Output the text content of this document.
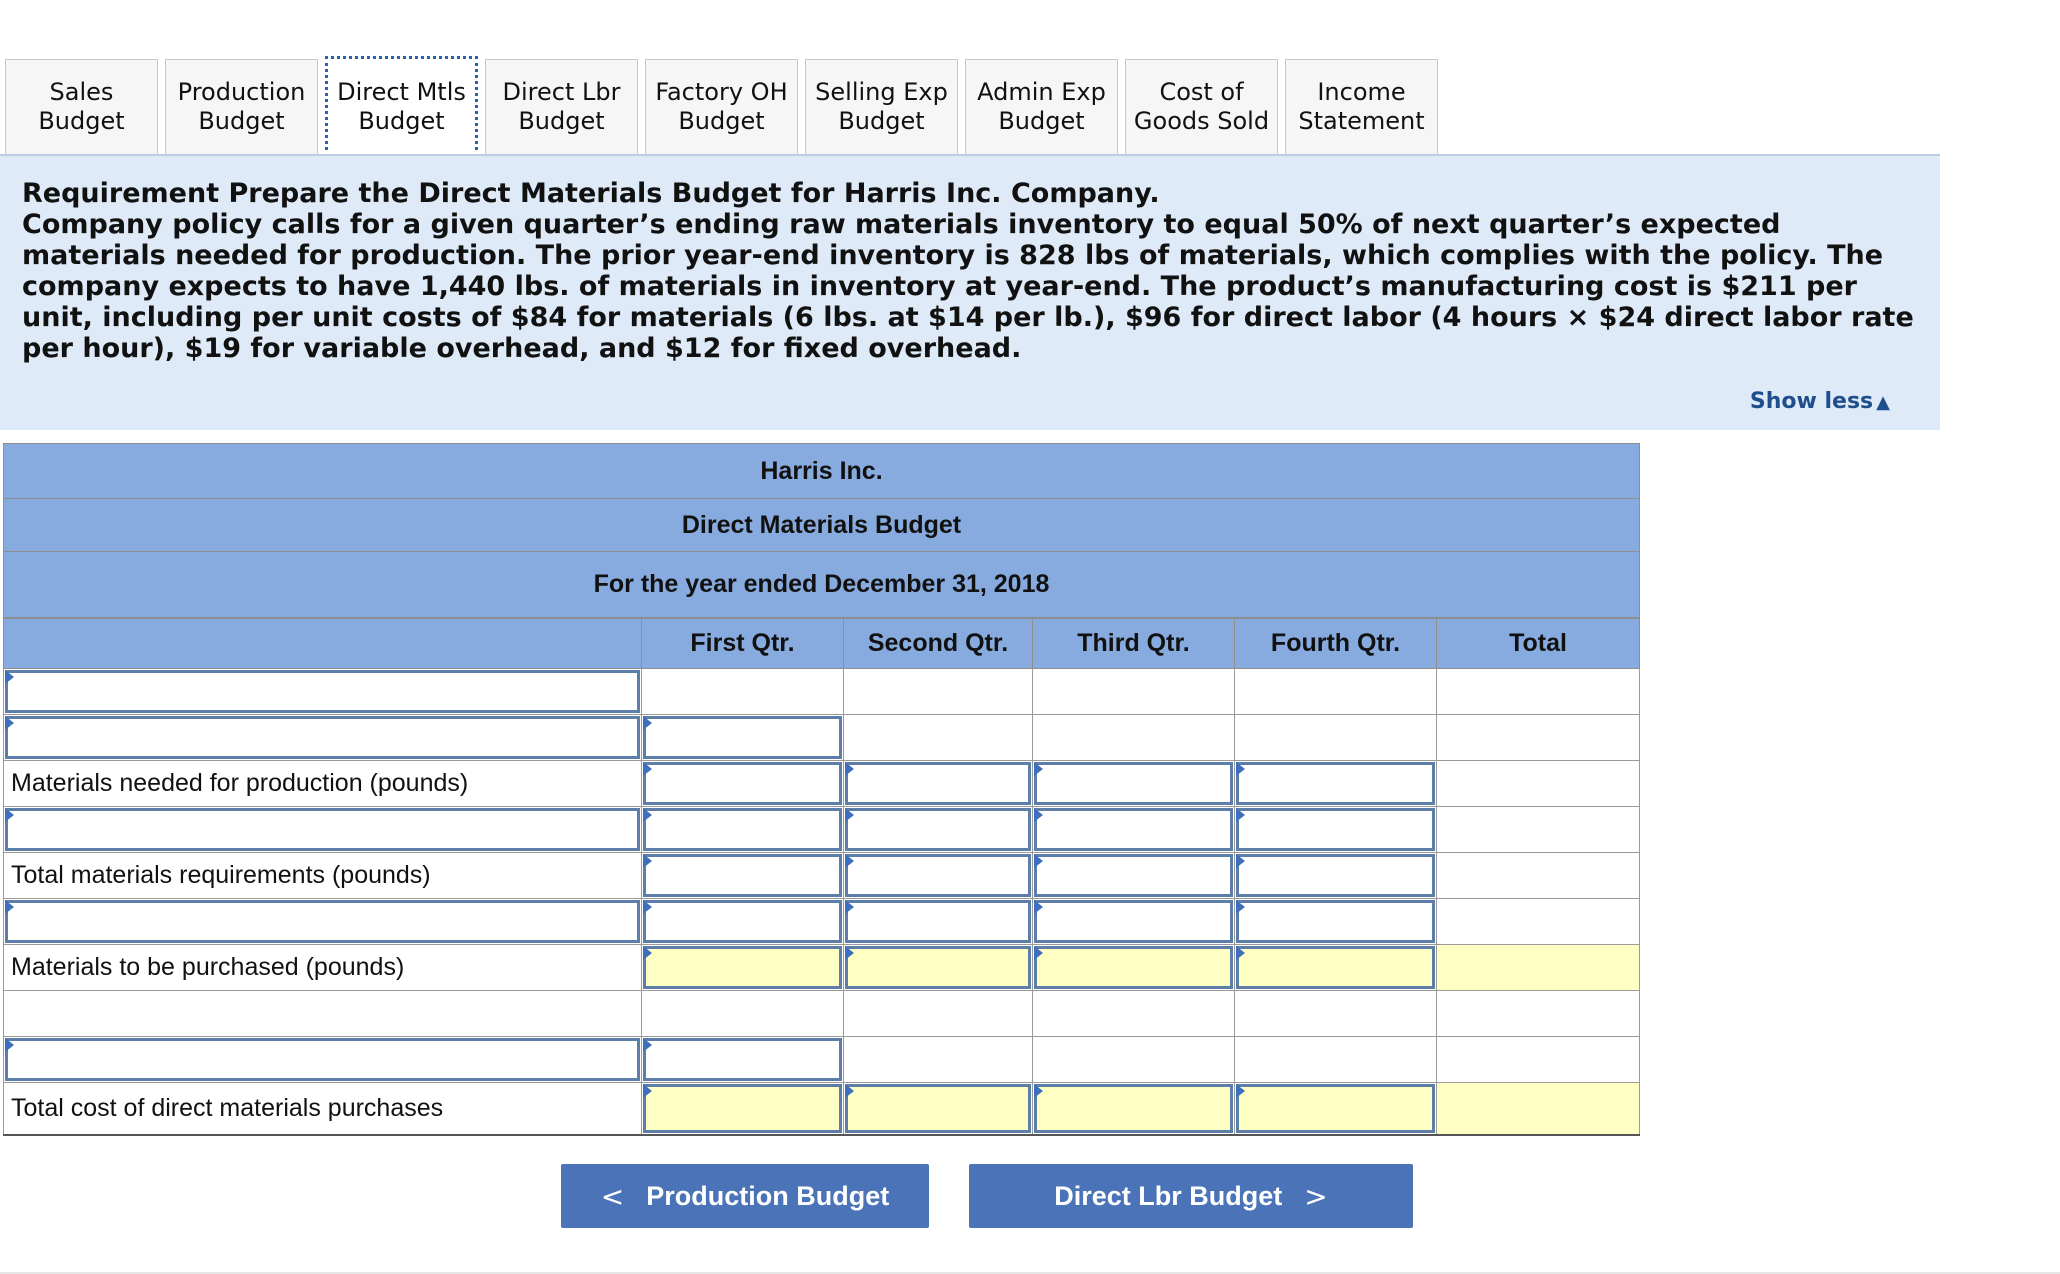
Sales Budget
Production
Budget
Direct Mtls
Budget
Direct Lbr
Budget
Factory OH
Budget
Selling Exp
Budget
Admin Exp
Budget
Cost of
Goods Sold
Income
Statement

Requirement Prepare the Direct Materials Budget for Harris Inc. Company.
Company policy calls for a given quarter’s ending raw materials inventory to equal 50% of next quarter’s expected materials needed for production. The prior year-end inventory is 828 lbs of materials, which complies with the policy. The company expects to have 1,440 lbs. of materials in inventory at year-end. The product’s manufacturing cost is $211 per unit, including per unit costs of $84 for materials (6 lbs. at $14 per lb.), $96 for direct labor (4 hours × $24 direct labor rate per hour), $19 for variable overhead, and $12 for fixed overhead.

Show less ▲
Harris Inc.					
Direct Materials Budget					
For the year ended December 31, 2018					
	First Qtr.	Second Qtr.	Third Qtr.	Fourth Qtr.	Total

Materials needed for production (pounds)	

Total materials requirements (pounds)	

Materials to be purchased (pounds)	

Total cost of direct materials purchases	

< Production Budget	Direct Lbr Budget >
